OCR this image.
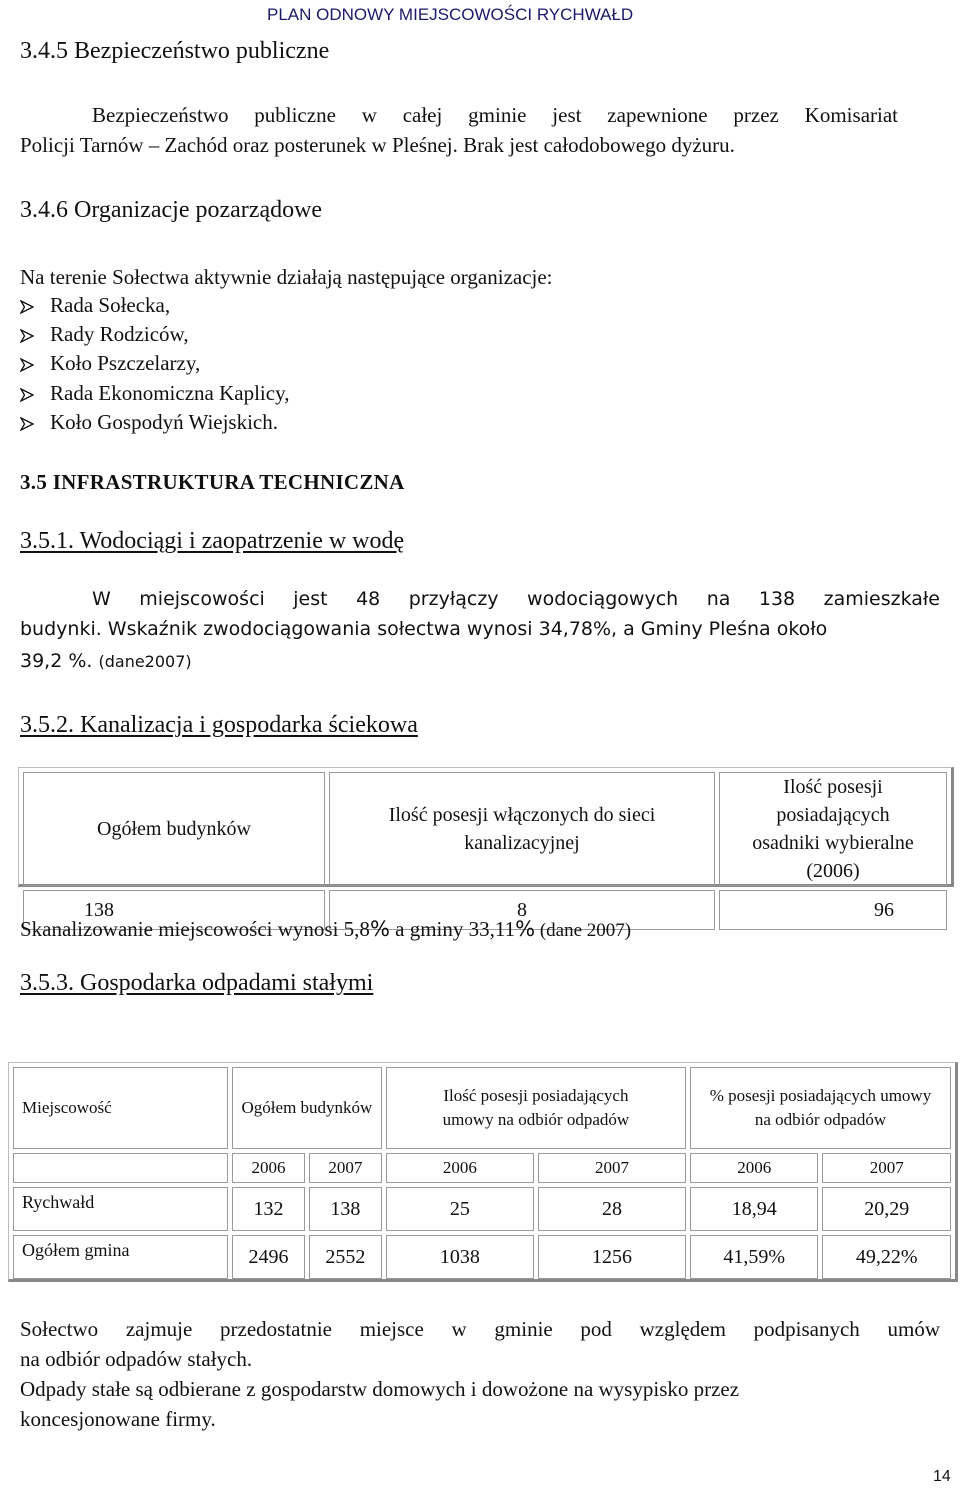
3.4.5 Bezpieczeństwo publiczne
PLAN ODNOWY MIEJSCOWOŚCI RYCHWAŁD
Bezpieczeństwo publiczne w całej gminie jest zapewnione przez Komisariat
Policji Tarnów – Zachód oraz posterunek w Pleśnej. Brak jest całodobowego dyżuru.
3.4.6 Organizacje pozarządowe
Na terenie Sołectwa aktywnie działają następujące organizacje:
Rada Sołecka,
Rady Rodziców,
Koło Pszczelarzy,
Rada Ekonomiczna Kaplicy,
Koło Gospodyń Wiejskich.
3.5 INFRASTRUKTURA TECHNICZNA
3.5.1. Wodociągi i zaopatrzenie w wodę
W miejscowości jest 48 przyłączy wodociągowych na 138 zamieszkałe
budynki. Wskaźnik zwodociągowania sołectwa wynosi 34,78%, a Gminy Pleśna około
39,2 %. (dane2007)
3.5.2. Kanalizacja i gospodarka ściekowa
Ogółem budynków	Ilość posesji włączonych do sieci kanalizacyjnej	Ilość posesji posiadających osadniki wybieralne (2006)
138	8	96
Skanalizowanie miejscowości wynosi 5,8% a gminy 33,11% (dane 2007)
3.5.3. Gospodarka odpadami stałymi
Miejscowość	Ogółem budynków		Ilość posesji posiadających umowy na odbiór odpadów		% posesji posiadających umowy na odbiór odpadów	
	2006	2007	2006	2007	2006	2007
Rychwałd	132	138	25	28	18,94	20,29
Ogółem gmina	2496	2552	1038	1256	41,59%	49,22%
Sołectwo zajmuje przedostatnie miejsce w gminie pod względem podpisanych umów
na odbiór odpadów stałych.
Odpady stałe są odbierane z gospodarstw domowych i dowożone na wysypisko przez
koncesjonowane firmy.
14
